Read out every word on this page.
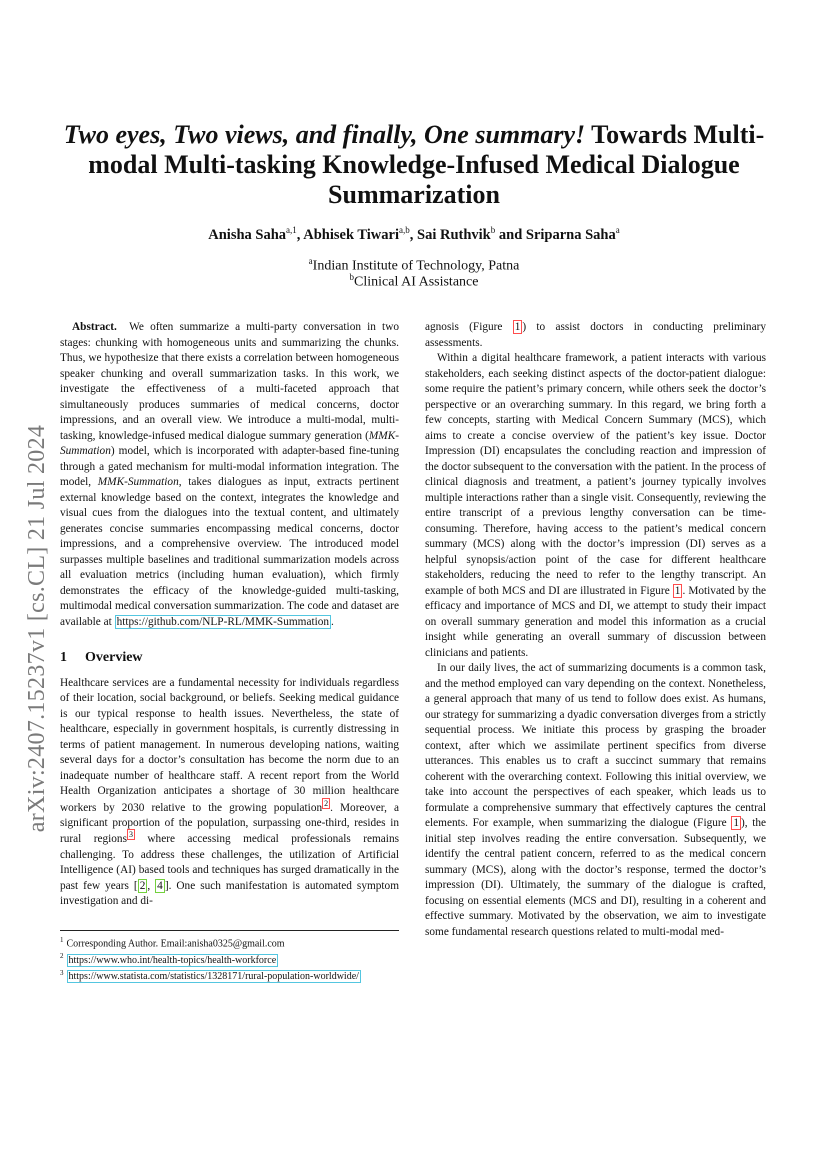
arXiv:2407.15237v1 [cs.CL] 21 Jul 2024
Two eyes, Two views, and finally, One summary! Towards Multi-modal Multi-tasking Knowledge-Infused Medical Dialogue Summarization

Anisha Saha$^{a,1}$, Abhisek Tiwari$^{a,b}$, Sai Ruthvik$^b$ and Sriparna Saha$^a$

$^a$Indian Institute of Technology, Patna

$^b$Clinical AI Assistance

Abstract. We often summarize a multi-party conversation in two stages: chunking with homogeneous units and summarizing the chunks. Thus, we hypothesize that there exists a correlation between homogeneous speaker chunking and overall summarization tasks. In this work, we investigate the effectiveness of a multi-faceted approach that simultaneously produces summaries of medical concerns, doctor impressions, and an overall view. We introduce a multi-modal, multi-tasking, knowledge-infused medical dialogue summary generation (MMK-Summation) model, which is incorporated with adapter-based fine-tuning through a gated mechanism for multi-modal information integration. The model, MMK-Summation, takes dialogues as input, extracts pertinent external knowledge based on the context, integrates the knowledge and visual cues from the dialogues into the textual content, and ultimately generates concise summaries encompassing medical concerns, doctor impressions, and a comprehensive overview. The introduced model surpasses multiple baselines and traditional summarization models across all evaluation metrics (including human evaluation), which firmly demonstrates the efficacy of the knowledge-guided multi-tasking, multimodal medical conversation summarization. The code and dataset are available at https://github.com/NLP-RL/MMK-Summation .

1 Overview

Healthcare services are a fundamental necessity for individuals regardless of their location, social background, or beliefs. Seeking medical guidance is our typical response to health issues. Nevertheless, the state of healthcare, especially in government hospitals, is currently distressing in terms of patient management. In numerous developing nations, waiting several days for a doctor’s consultation has become the norm due to an inadequate number of healthcare staff. A recent report from the World Health Organization anticipates a shortage of 30 million healthcare workers by 2030 relative to the growing population $^2$ . Moreover, a significant proportion of the population, surpassing one-third, resides in rural regions $^3$ where accessing medical professionals remains challenging. To address these challenges, the utilization of Artificial Intelligence (AI) based tools and techniques has surged dramatically in the past few years [ 2 , 4 ]. One such manifestation is automated symptom investigation and di-

agnosis (Figure 1 ) to assist doctors in conducting preliminary assessments.

Within a digital healthcare framework, a patient interacts with various stakeholders, each seeking distinct aspects of the doctor-patient dialogue: some require the patient’s primary concern, while others seek the doctor’s perspective or an overarching summary. In this regard, we bring forth a few concepts, starting with Medical Concern Summary (MCS), which aims to create a concise overview of the patient’s key issue. Doctor Impression (DI) encapsulates the concluding reaction and impression of the doctor subsequent to the conversation with the patient. In the process of clinical diagnosis and treatment, a patient’s journey typically involves multiple interactions rather than a single visit. Consequently, reviewing the entire transcript of a previous lengthy conversation can be time-consuming. Therefore, having access to the patient’s medical concern summary (MCS) along with the doctor’s impression (DI) serves as a helpful synopsis/action point of the case for different healthcare stakeholders, reducing the need to refer to the lengthy transcript. An example of both MCS and DI are illustrated in Figure 1 . Motivated by the efficacy and importance of MCS and DI, we attempt to study their impact on overall summary generation and model this information as a crucial insight while generating an overall summary of discussion between clinicians and patients.

In our daily lives, the act of summarizing documents is a common task, and the method employed can vary depending on the context. Nonetheless, a general approach that many of us tend to follow does exist. As humans, our strategy for summarizing a dyadic conversation diverges from a strictly sequential process. We initiate this process by grasping the broader context, after which we assimilate pertinent specifics from diverse utterances. This enables us to craft a succinct summary that remains coherent with the overarching context. Following this initial overview, we take into account the perspectives of each speaker, which leads us to formulate a comprehensive summary that effectively captures the central elements. For example, when summarizing the dialogue (Figure 1 ), the initial step involves reading the entire conversation. Subsequently, we identify the central patient concern, referred to as the medical concern summary (MCS), along with the doctor’s response, termed the doctor’s impression (DI). Ultimately, the summary of the dialogue is crafted, focusing on essential elements (MCS and DI), resulting in a coherent and effective summary. Motivated by the observation, we aim to investigate some fundamental research questions related to multi-modal med-

$^1$ Corresponding Author. Email:anisha0325@gmail.com
$^2$ https://www.who.int/health-topics/health-workforce
$^3$ https://www.statista.com/statistics/1328171/rural-population-worldwide/
